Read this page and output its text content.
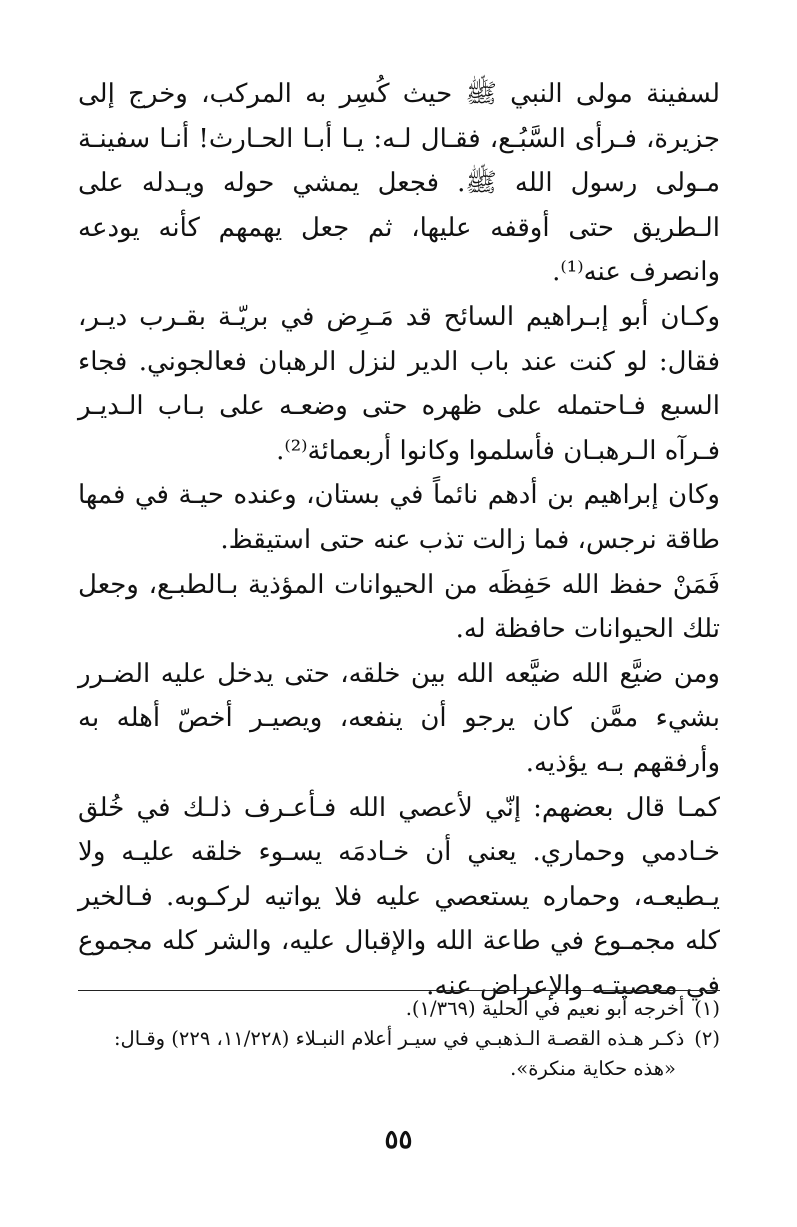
لسفينة مولى النبي ﷺ حيث كُسِر به المركب، وخرج إلى جزيرة، فـرأى السَّبُـع، فقـال لـه: يـا أبـا الحـارث! أنـا سفينـة مـولى رسول الله ﷺ. فجعل يمشي حوله ويـدله على الـطريق حتى أوقفه عليها، ثم جعل يهمهم كأنه يودعه وانصرف عنه⁽¹⁾.

وكـان أبو إبـراهيم السائح قد مَـرِض في بريّـة بقـرب ديـر، فقال: لو كنت عند باب الدير لنزل الرهبان فعالجوني. فجاء السبع فـاحتمله على ظهره حتى وضعـه على بـاب الـديـر فـرآه الـرهبـان فأسلموا وكانوا أربعمائة⁽²⁾.

وكان إبراهيم بن أدهم نائماً في بستان، وعنده حيـة في فمها طاقة نرجس، فما زالت تذب عنه حتى استيقظ.

فَمَنْ حفظ الله حَفِظَه من الحيوانات المؤذية بـالطبـع، وجعل تلك الحيوانات حافظة له.

ومن ضيَّع الله ضيَّعه الله بين خلقه، حتى يدخل عليه الضـرر بشيء ممَّن كان يرجو أن ينفعه، ويصيـر أخصّ أهله به وأرفقهم بـه يؤذيه.

كمـا قال بعضهم: إنّي لأعصي الله فـأعـرف ذلـك في خُلق خـادمي وحماري. يعني أن خـادمَه يسـوء خلقه عليـه ولا يـطيعـه، وحماره يستعصي عليه فلا يواتيه لركـوبه. فـالخير كله مجمـوع في طاعة الله والإقبال عليه، والشر كله مجموع في معصيتـه والإعراض عنه.

(١)أخرجه أبو نعيم في الحلية (١/٣٦٩).

(٢)ذكـر هـذه القصـة الـذهبـي في سيـر أعلام النبـلاء (١١/٢٢٨، ٢٢٩) وقـال:

«هذه حكاية منكرة».

٥٥
